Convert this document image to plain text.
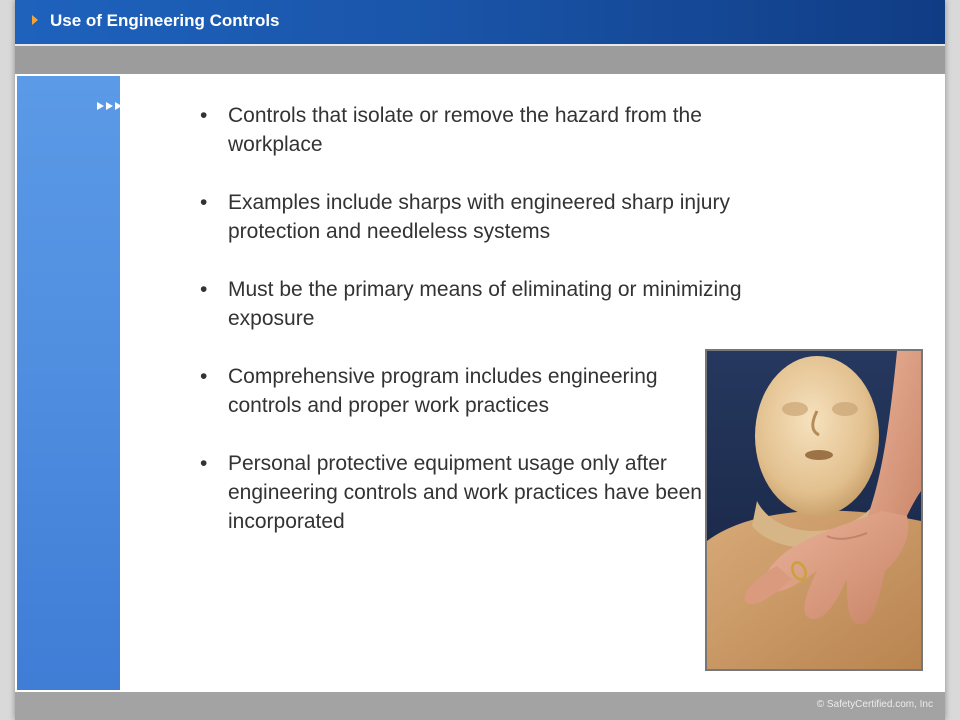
Use of Engineering Controls
• Controls that isolate or remove the hazard from the workplace
• Examples include sharps with engineered sharp injury protection and needleless systems
• Must be the primary means of eliminating or minimizing exposure
• Comprehensive program includes engineering controls and proper work practices
• Personal protective equipment usage only after engineering controls and work practices have been incorporated
© SafetyCertified.com, Inc
